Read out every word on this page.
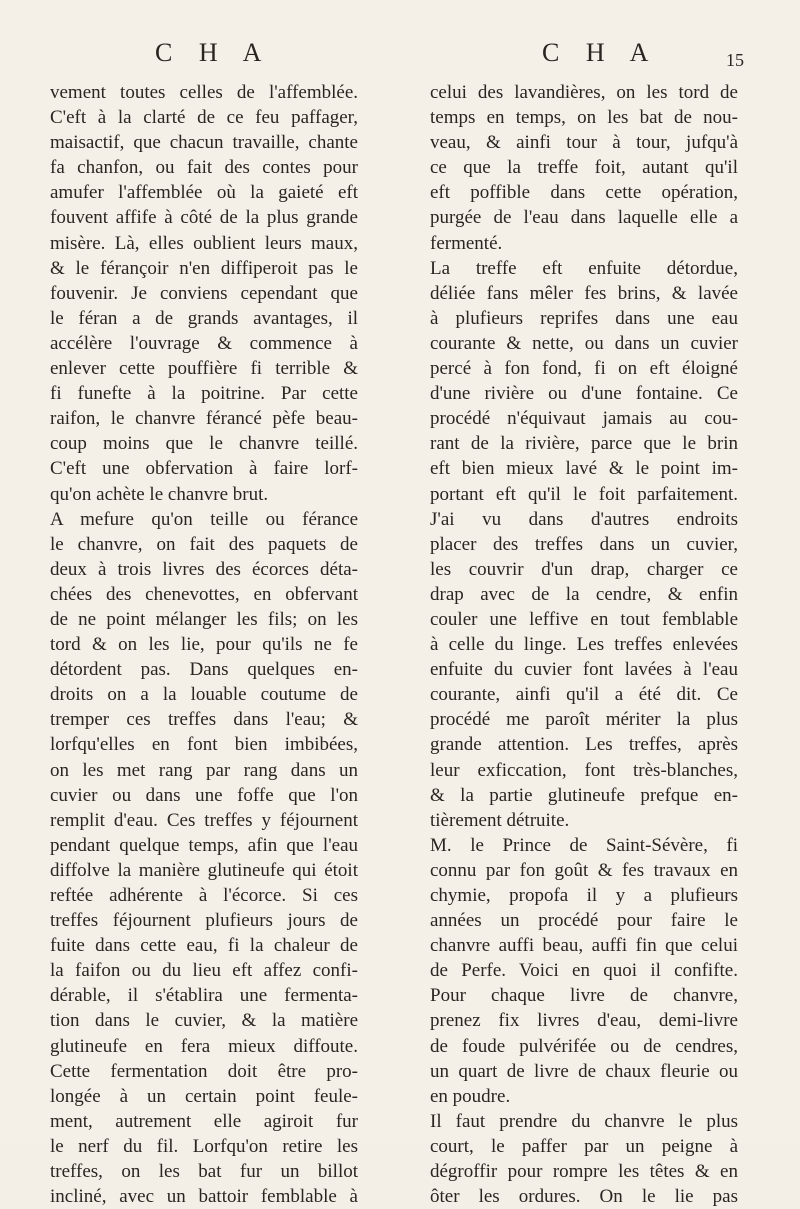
C H A	C H A	15
vement toutes celles de l'affemblée.
C'eft à la clarté de ce feu paffager,
maisactif, que chacun travaille, chante
fa chanfon, ou fait des contes pour
amufer l'affemblée où la gaieté eft
fouvent affife à côté de la plus grande
misère. Là, elles oublient leurs maux,
& le férançoir n'en diffiperoit pas le
fouvenir. Je conviens cependant que
le féran a de grands avantages, il
accélère l'ouvrage & commence à
enlever cette pouffière fi terrible &
fi funefte à la poitrine. Par cette
raifon, le chanvre férancé pèfe beau-
coup moins que le chanvre teillé.
C'eft une obfervation à faire lorf-
qu'on achète le chanvre brut.
A mefure qu'on teille ou férance
le chanvre, on fait des paquets de
deux à trois livres des écorces déta-
chées des chenevottes, en obfervant
de ne point mélanger les fils; on les
tord & on les lie, pour qu'ils ne fe
détordent pas. Dans quelques en-
droits on a la louable coutume de
tremper ces treffes dans l'eau; &
lorfqu'elles en font bien imbibées,
on les met rang par rang dans un
cuvier ou dans une foffe que l'on
remplit d'eau. Ces treffes y féjournent
pendant quelque temps, afin que l'eau
diffolve la manière glutineufe qui étoit
reftée adhérente à l'écorce. Si ces
treffes féjournent plufieurs jours de
fuite dans cette eau, fi la chaleur de
la faifon ou du lieu eft affez confi-
dérable, il s'établira une fermenta-
tion dans le cuvier, & la matière
glutineufe en fera mieux diffoute.
Cette fermentation doit être pro-
longée à un certain point feule-
ment, autrement elle agiroit fur
le nerf du fil. Lorfqu'on retire les
treffes, on les bat fur un billot
incliné, avec un battoir femblable à
celui des lavandières, on les tord de
temps en temps, on les bat de nou-
veau, & ainfi tour à tour, jufqu'à
ce que la treffe foit, autant qu'il
eft poffible dans cette opération,
purgée de l'eau dans laquelle elle a
fermenté.
La treffe eft enfuite détordue,
déliée fans mêler fes brins, & lavée
à plufieurs reprifes dans une eau
courante & nette, ou dans un cuvier
percé à fon fond, fi on eft éloigné
d'une rivière ou d'une fontaine. Ce
procédé n'équivaut jamais au cou-
rant de la rivière, parce que le brin
eft bien mieux lavé & le point im-
portant eft qu'il le foit parfaitement.
J'ai vu dans d'autres endroits
placer des treffes dans un cuvier,
les couvrir d'un drap, charger ce
drap avec de la cendre, & enfin
couler une leffive en tout femblable
à celle du linge. Les treffes enlevées
enfuite du cuvier font lavées à l'eau
courante, ainfi qu'il a été dit. Ce
procédé me paroît mériter la plus
grande attention. Les treffes, après
leur exficcation, font très-blanches,
& la partie glutineufe prefque en-
tièrement détruite.
M. le Prince de Saint-Sévère, fi
connu par fon goût & fes travaux en
chymie, propofa il y a plufieurs
années un procédé pour faire le
chanvre auffi beau, auffi fin que celui
de Perfe. Voici en quoi il confifte.
Pour chaque livre de chanvre,
prenez fix livres d'eau, demi-livre
de foude pulvérifée ou de cendres,
un quart de livre de chaux fleurie ou
en poudre.
Il faut prendre du chanvre le plus
court, le paffer par un peigne à
dégroffir pour rompre les têtes & en
ôter les ordures. On le lie pas
